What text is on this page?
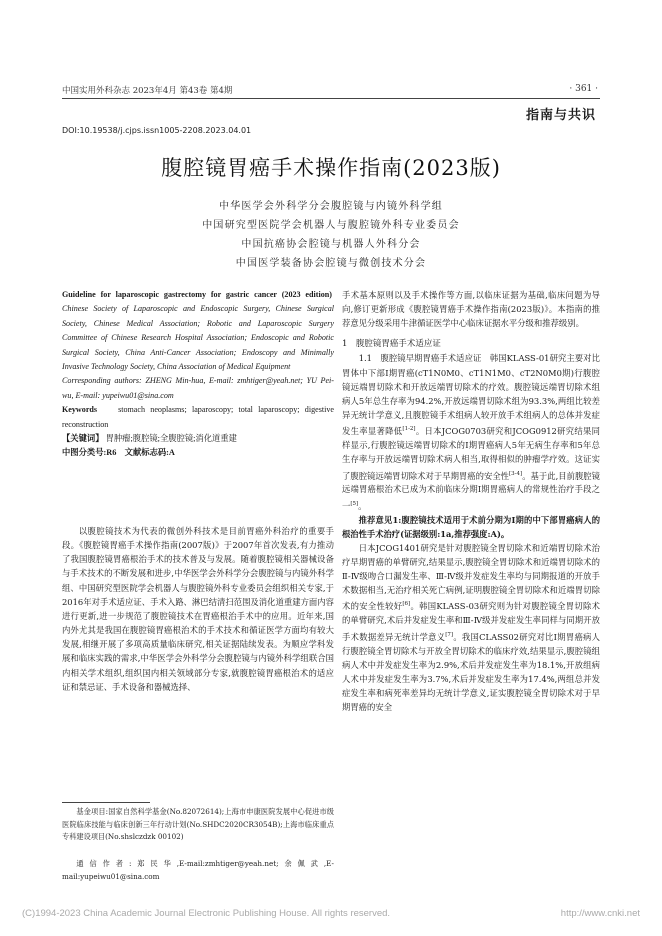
中国实用外科杂志 2023年4月 第43卷 第4期	· 361 ·
指南与共识
DOI:10.19538/j.cjps.issn1005-2208.2023.04.01
腹腔镜胃癌手术操作指南(2023版)
中华医学会外科学分会腹腔镜与内镜外科学组
中国研究型医院学会机器人与腹腔镜外科专业委员会
中国抗癌协会腔镜与机器人外科分会
中国医学装备协会腔镜与微创技术分会
Guideline for laparoscopic gastrectomy for gastric cancer (2023 edition)  Chinese Society of Laparoscopic and Endoscopic Surgery, Chinese Surgical Society, Chinese Medical Association; Robotic and Laparoscopic Surgery Committee of Chinese Research Hospital Association; Endoscopic and Robotic Surgical Society, China Anti-Cancer Association; Endoscopy and Minimally Invasive Technology Society, China Association of Medical Equipment
Corresponding authors: ZHENG Min-hua, E-mail: zmhtiger@yeah.net; YU Pei-wu, E-mail: yupeiwu01@sina.com
Keywords	stomach neoplasms; laparoscopy; total laparoscopy; digestive reconstruction
【关键词】 胃肿瘤;腹腔镜;全腹腔镜;消化道重建
中图分类号:R6　文献标志码:A

以腹腔镜技术为代表的微创外科技术是目前胃癌外科治疗的重要手段。《腹腔镜胃癌手术操作指南(2007版)》于2007年首次发表,有力推动了我国腹腔镜胃癌根治手术的技术普及与发展。随着腹腔镜相关器械设备与手术技术的不断发展和进步,中华医学会外科学分会腹腔镜与内镜外科学组、中国研究型医院学会机器人与腹腔镜外科专业委员会组织相关专家,于2016年对手术适应证、手术入路、淋巴结清扫范围及消化道重建方面内容进行更新,进一步规范了腹腔镜技术在胃癌根治手术中的应用。近年来,国内外尤其是我国在腹腔镜胃癌根治术的手术技术和循证医学方面均有较大发展,相继开展了多项高质量临床研究,相关证据陆续发表。为顺应学科发展和临床实践的需求,中华医学会外科学分会腹腔镜与内镜外科学组联合国内相关学术组织,组织国内相关领域部分专家,就腹腔镜胃癌根治术的适应证和禁忌证、手术设备和器械选择、

基金项目:国家自然科学基金(No.82072614);上海市申康医院发展中心促进市级医院临床技能与临床创新三年行动计划(No.SHDC2020CR3054B);上海市临床重点专科建设项目(No.shslczdzk 00102)

通信作者:郑民华,E-mail:zmhtiger@yeah.net;余佩武,E-mail:yupeiwu01@sina.com

手术基本原则以及手术操作等方面,以临床证据为基础,临床问题为导向,修订更新形成《腹腔镜胃癌手术操作指南(2023版)》。本指南的推荐意见分级采用牛津循证医学中心临床证据水平分级和推荐级别。

1　腹腔镜胃癌手术适应证

1.1　腹腔镜早期胃癌手术适应证　韩国KLASS-01研究主要对比胃体中下部Ⅰ期胃癌(cT1N0M0、cT1N1M0、cT2N0M0期)行腹腔镜远端胃切除术和开放远端胃切除术的疗效。腹腔镜远端胃切除术组病人5年总生存率为94.2%,开放远端胃切除术组为93.3%,两组比较差异无统计学意义,且腹腔镜手术组病人较开放手术组病人的总体并发症发生率显著降低[1-2]。日本JCOG0703研究和JCOG0912研究结果同样显示,行腹腔镜远端胃切除术的Ⅰ期胃癌病人5年无病生存率和5年总生存率与开放远端胃切除术病人相当,取得相似的肿瘤学疗效。这证实了腹腔镜远端胃切除术对于早期胃癌的安全性[3-4]。基于此,目前腹腔镜远端胃癌根治术已成为术前临床分期Ⅰ期胃癌病人的常规性治疗手段之一[5]。

推荐意见1:腹腔镜技术适用于术前分期为Ⅰ期的中下部胃癌病人的根治性手术治疗(证据级别:1a,推荐强度:A)。

日本JCOG1401研究是针对腹腔镜全胃切除术和近端胃切除术治疗早期胃癌的单臂研究,结果显示,腹腔镜全胃切除术和近端胃切除术的Ⅱ-Ⅳ级吻合口漏发生率、Ⅲ-Ⅳ级并发症发生率均与同期报道的开放手术数据相当,无治疗相关死亡病例,证明腹腔镜全胃切除术和近端胃切除术的安全性较好[6]。韩国KLASS-03研究则为针对腹腔镜全胃切除术的单臂研究,术后并发症发生率和Ⅲ-Ⅳ级并发症发生率同样与同期开放手术数据差异无统计学意义[7]。我国CLASS02研究对比Ⅰ期胃癌病人行腹腔镜全胃切除术与开放全胃切除术的临床疗效,结果显示,腹腔镜组病人术中并发症发生率为2.9%,术后并发症发生率为18.1%,开放组病人术中并发症发生率为3.7%,术后并发症发生率为17.4%,两组总并发症发生率和病死率差异均无统计学意义,证实腹腔镜全胃切除术对于早期胃癌的安全

(C)1994-2023 China Academic Journal Electronic Publishing House. All rights reserved.	http://www.cnki.net
